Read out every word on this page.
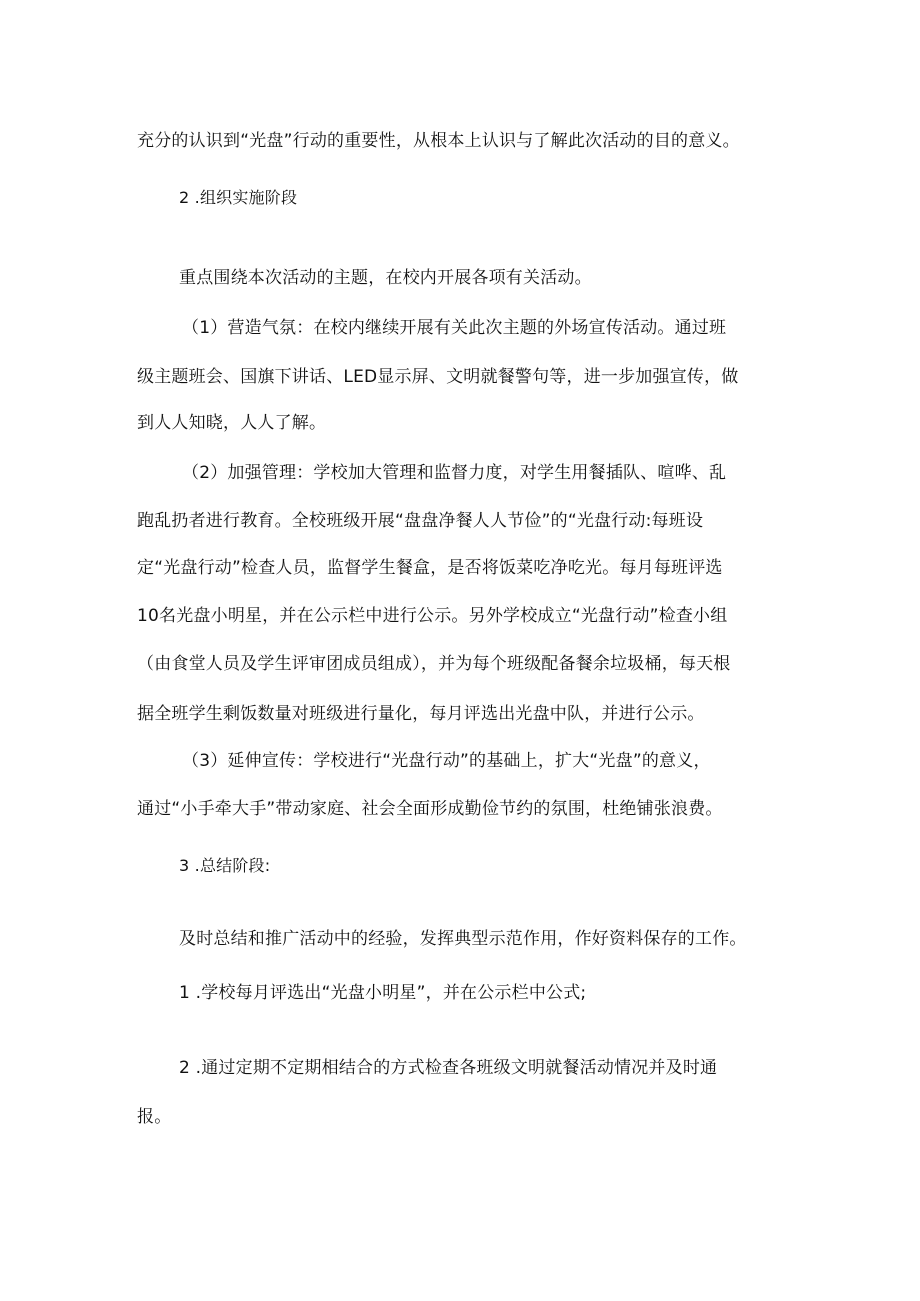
充分的认识到“光盘”行动的重要性，从根本上认识与了解此次活动的目的意义。

2 .组织实施阶段

重点围绕本次活动的主题，在校内开展各项有关活动。

（1）营造气氛：在校内继续开展有关此次主题的外场宣传活动。通过班

级主题班会、国旗下讲话、LED显示屏、文明就餐警句等，进一步加强宣传，做

到人人知晓，人人了解。

（2）加强管理：学校加大管理和监督力度，对学生用餐插队、喧哗、乱

跑乱扔者进行教育。全校班级开展“盘盘净餐人人节俭”的“光盘行动:每班设

定“光盘行动”检查人员，监督学生餐盒，是否将饭菜吃净吃光。每月每班评选

10名光盘小明星，并在公示栏中进行公示。另外学校成立“光盘行动”检查小组

（由食堂人员及学生评审团成员组成），并为每个班级配备餐余垃圾桶，每天根

据全班学生剩饭数量对班级进行量化，每月评选出光盘中队，并进行公示。

（3）延伸宣传：学校进行“光盘行动”的基础上，扩大“光盘”的意义，

通过“小手牵大手”带动家庭、社会全面形成勤俭节约的氛围，杜绝铺张浪费。

3 .总结阶段:

及时总结和推广活动中的经验，发挥典型示范作用，作好资料保存的工作。

1 .学校每月评选出“光盘小明星”，并在公示栏中公式;

2 .通过定期不定期相结合的方式检查各班级文明就餐活动情况并及时通

报。
